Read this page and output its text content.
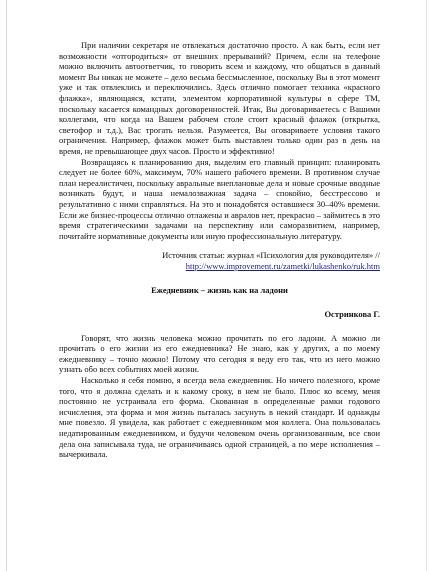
При наличии секретаря не отвлекаться достаточно просто. А как быть, если нет возможности «отгородиться» от внешних прерываний? Причем, если на телефоне можно включить автоответчик, то говорить всем и каждому, что общаться в данный момент Вы никак не можете – дело весьма бессмысленное, поскольку Вы в этот момент уже и так отвлеклись и переключились. Здесь отлично помогает техника «красного флажка», являющаяся, кстати, элементом корпоративной культуры в сфере ТМ, поскольку касается командных договоренностей. Итак, Вы договариваетесь с Вашими коллегами, что когда на Вашем рабочем столе стоит красный флажок (открытка, светофор и т.д.), Вас трогать нельзя. Разумеется, Вы оговариваете условия такого ограничения. Например, флажок может быть выставлен только один раз в день на время, не превышающее двух часов. Просто и эффективно!

Возвращаясь к планированию дня, выделим его главный принцип: планировать следует не более 60%, максимум, 70% нашего рабочего времени. В противном случае план нереалистичен, поскольку авральные внеплановые дела и новые срочные вводные возникать будут, и наша немалозважная задача – спокойно, бесстрессово и результативно с ними справляться. На это и понадобятся оставшиеся 30–40% времени. Если же бизнес-процессы отлично отлажены и авралов нет, прекрасно – займитесь в это время стратегическими задачами на перспективу или саморазвитием, например, почитайте нормативные документы или иную профессиональную литературу.

Источник статьи: журнал «Психология для руководителя» //
http://www.improvement.ru/zametki/lukashenko/ruk.htm
Ежедневник – жизнь как на ладони
Остринкова Г.

Говорят, что жизнь человека можно прочитать по его ладони. А можно ли прочитать о его жизни из его ежедневника? Не знаю, как у других, а по моему ежедневнику – точно можно! Потому что сегодня я веду его так, что из него можно узнать обо всех событиях моей жизни.

Насколько я себя помню, я всегда вела ежедневник. Но ничего полезного, кроме того, что я должна сделать и к какому сроку, в нем не было. Плюс ко всему, меня постоянно не устраивала его форма. Скованная в определенные рамки годового исчисления, эта форма и моя жизнь пыталась засунуть в некий стандарт. И однажды мне повезло. Я увидела, как работает с ежедневником моя коллега. Она пользовалась недатированным ежедневником, и будучи человеком очень организованным, все свои дела она записывала туда, не ограничиваясь одной страницей, а по мере исполнения – вычеркивала.
